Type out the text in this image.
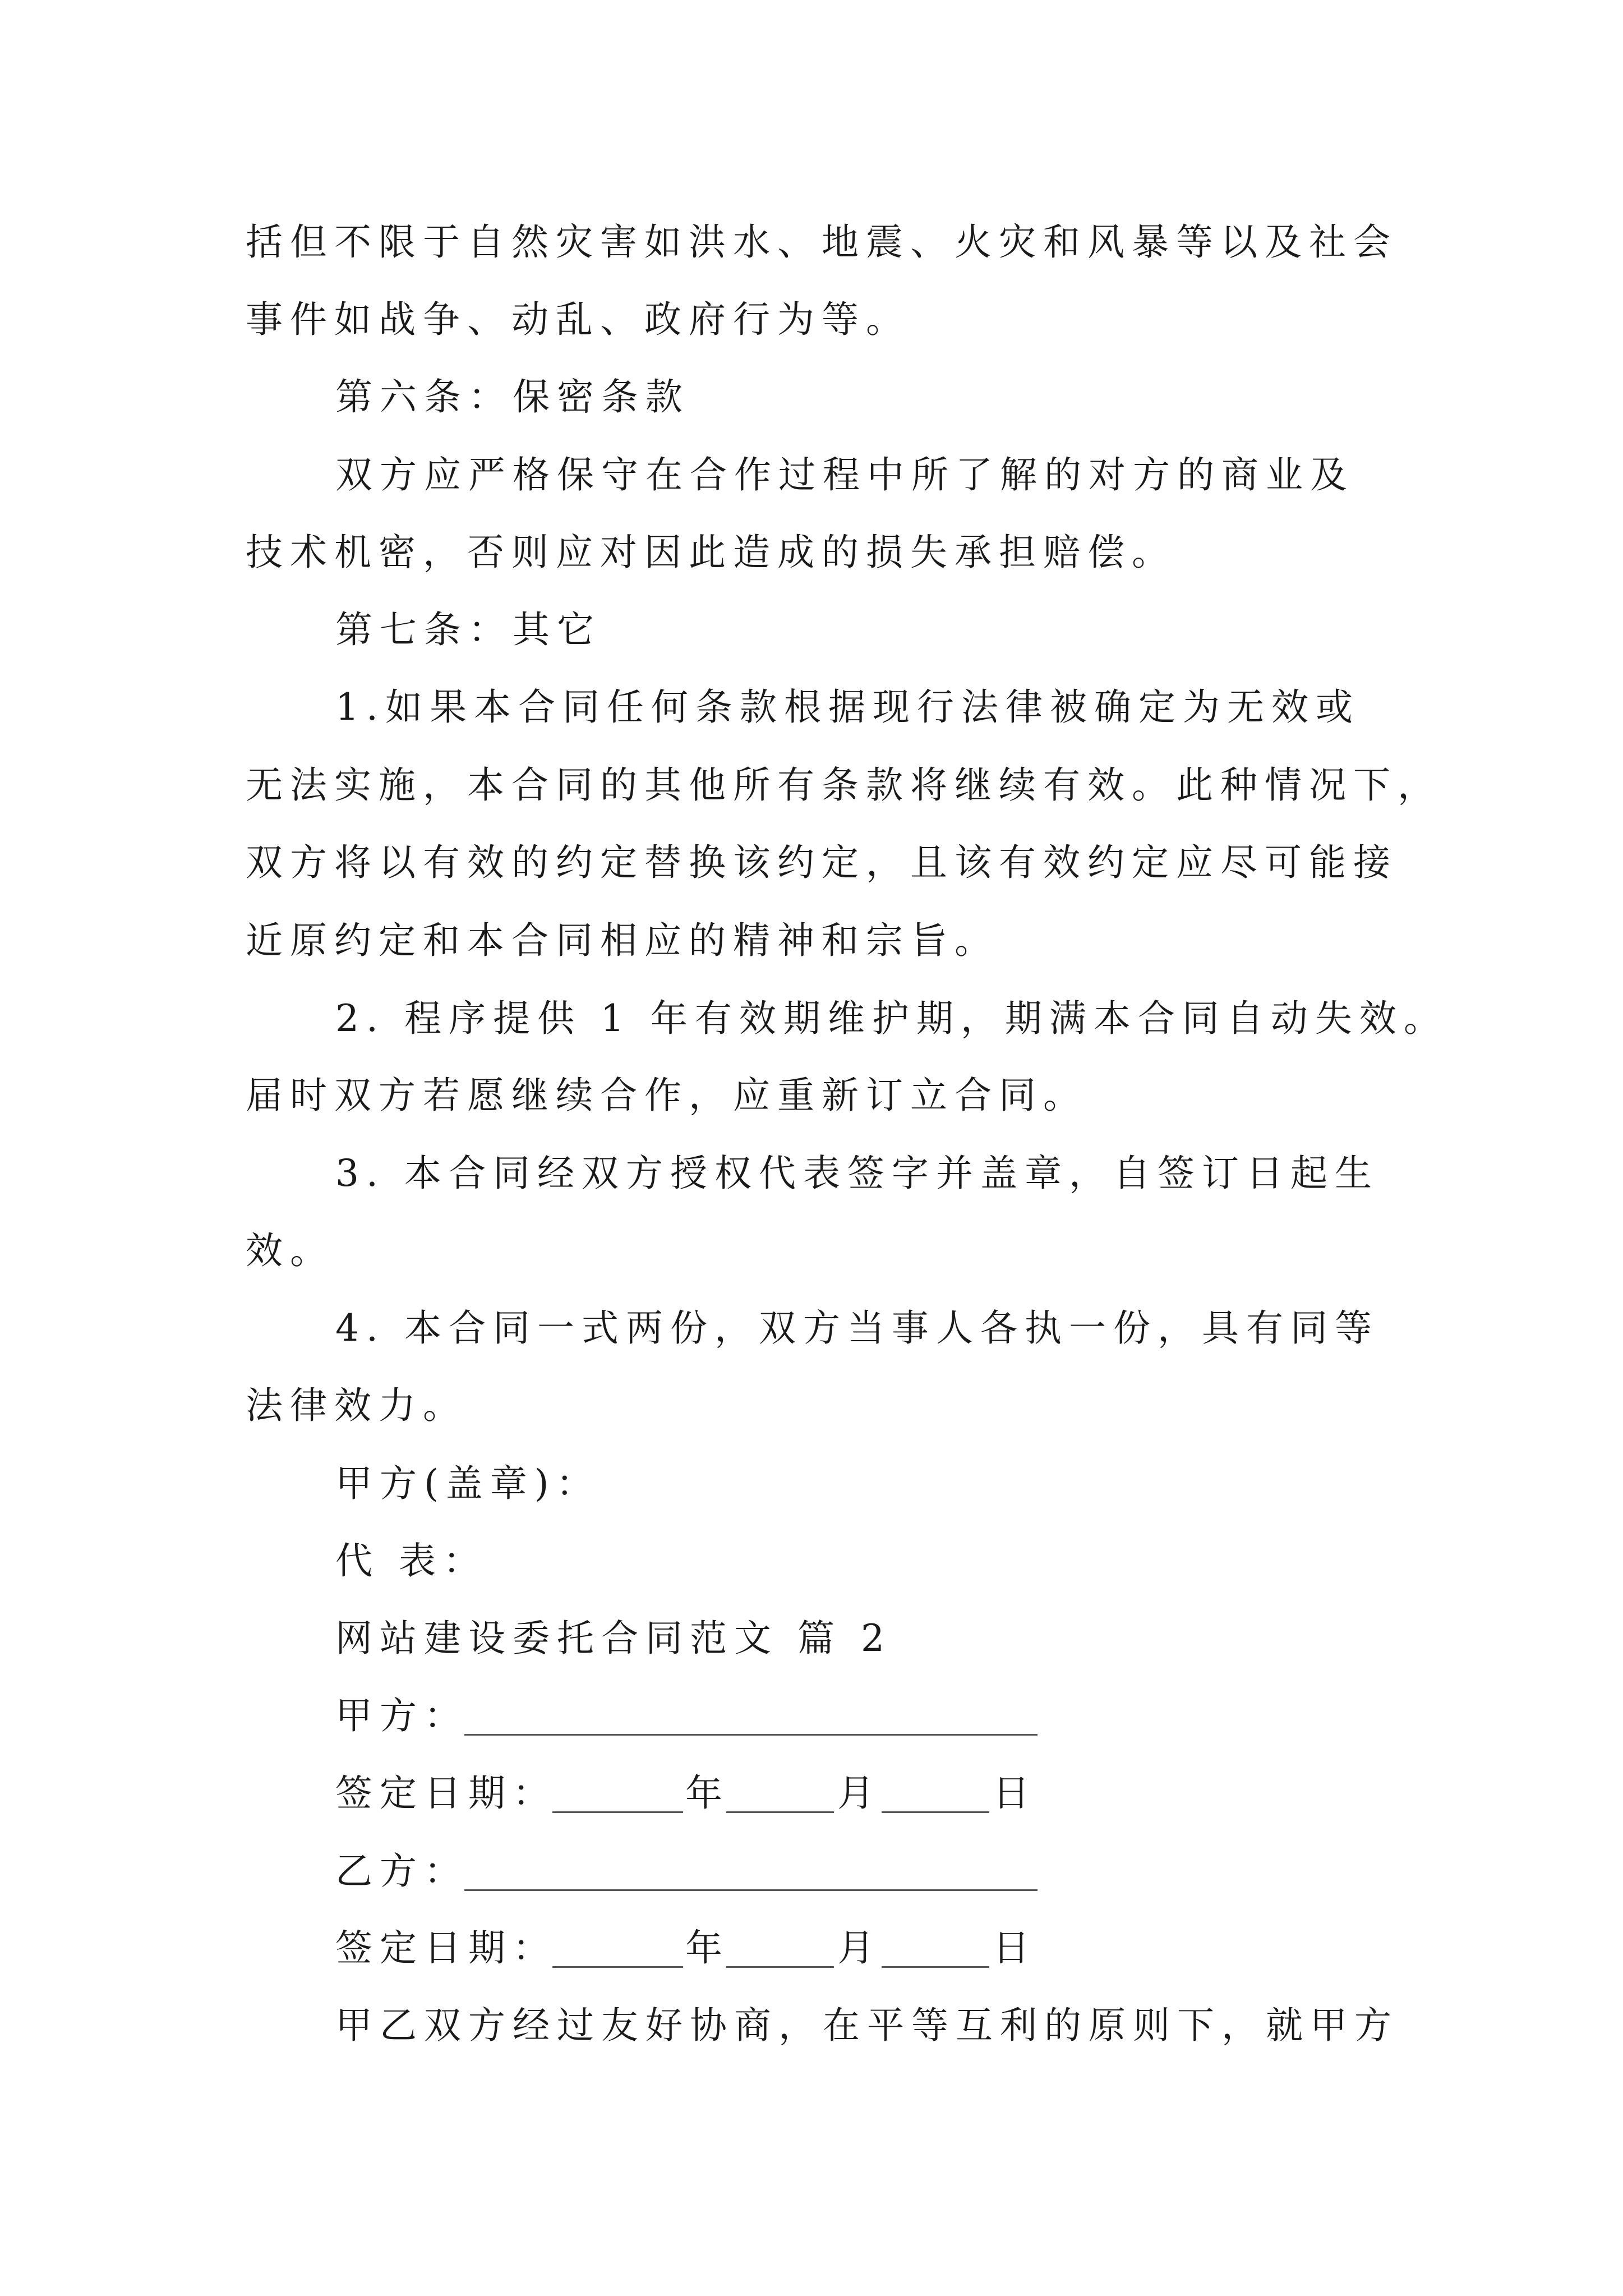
括但不限于自然灾害如洪水、地震、火灾和风暴等以及社会
事件如战争、动乱、政府行为等。
第六条：保密条款
双方应严格保守在合作过程中所了解的对方的商业及
技术机密，否则应对因此造成的损失承担赔偿。
第七条：其它
1.如果本合同任何条款根据现行法律被确定为无效或
无法实施，本合同的其他所有条款将继续有效。此种情况下，
双方将以有效的约定替换该约定，且该有效约定应尽可能接
近原约定和本合同相应的精神和宗旨。
2. 程序提供 1 年有效期维护期，期满本合同自动失效。
届时双方若愿继续合作，应重新订立合同。
3. 本合同经双方授权代表签字并盖章，自签订日起生
效。
4. 本合同一式两份，双方当事人各执一份，具有同等
法律效力。
甲方(盖章)：
代 表：
网站建设委托合同范文 篇 2
甲方：
签定日期：	年	月	日
乙方：
签定日期：	年	月	日
甲乙双方经过友好协商，在平等互利的原则下，就甲方
